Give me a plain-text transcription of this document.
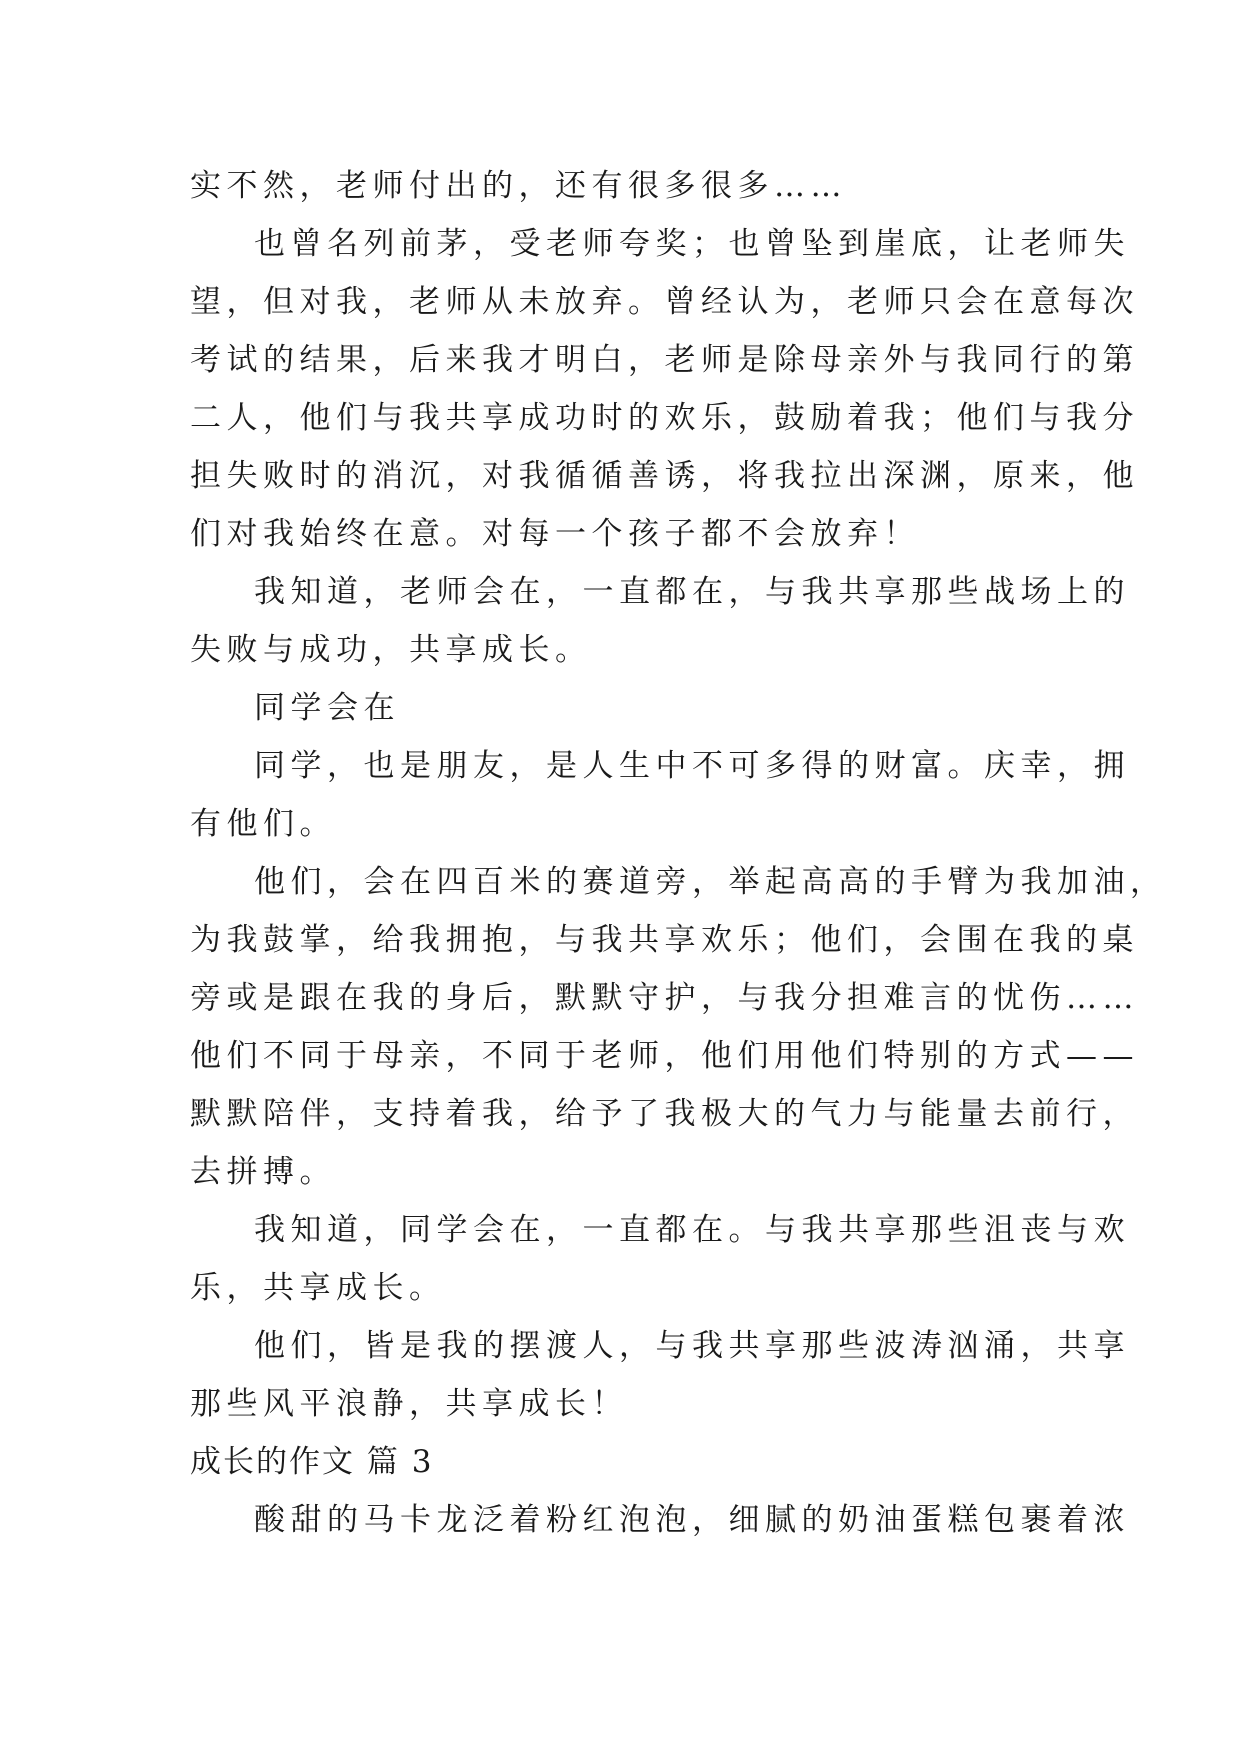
实不然，老师付出的，还有很多很多……

也曾名列前茅，受老师夸奖；也曾坠到崖底，让老师失

望，但对我，老师从未放弃。曾经认为，老师只会在意每次

考试的结果，后来我才明白，老师是除母亲外与我同行的第

二人，他们与我共享成功时的欢乐，鼓励着我；他们与我分

担失败时的消沉，对我循循善诱，将我拉出深渊，原来，他

们对我始终在意。对每一个孩子都不会放弃！

我知道，老师会在，一直都在，与我共享那些战场上的

失败与成功，共享成长。

同学会在

同学，也是朋友，是人生中不可多得的财富。庆幸，拥

有他们。

他们，会在四百米的赛道旁，举起高高的手臂为我加油，

为我鼓掌，给我拥抱，与我共享欢乐；他们，会围在我的桌

旁或是跟在我的身后，默默守护，与我分担难言的忧伤……

他们不同于母亲，不同于老师，他们用他们特别的方式——

默默陪伴，支持着我，给予了我极大的气力与能量去前行，

去拼搏。

我知道，同学会在，一直都在。与我共享那些沮丧与欢

乐，共享成长。

他们，皆是我的摆渡人，与我共享那些波涛汹涌，共享

那些风平浪静，共享成长！

成长的作文 篇 3

酸甜的马卡龙泛着粉红泡泡，细腻的奶油蛋糕包裹着浓
